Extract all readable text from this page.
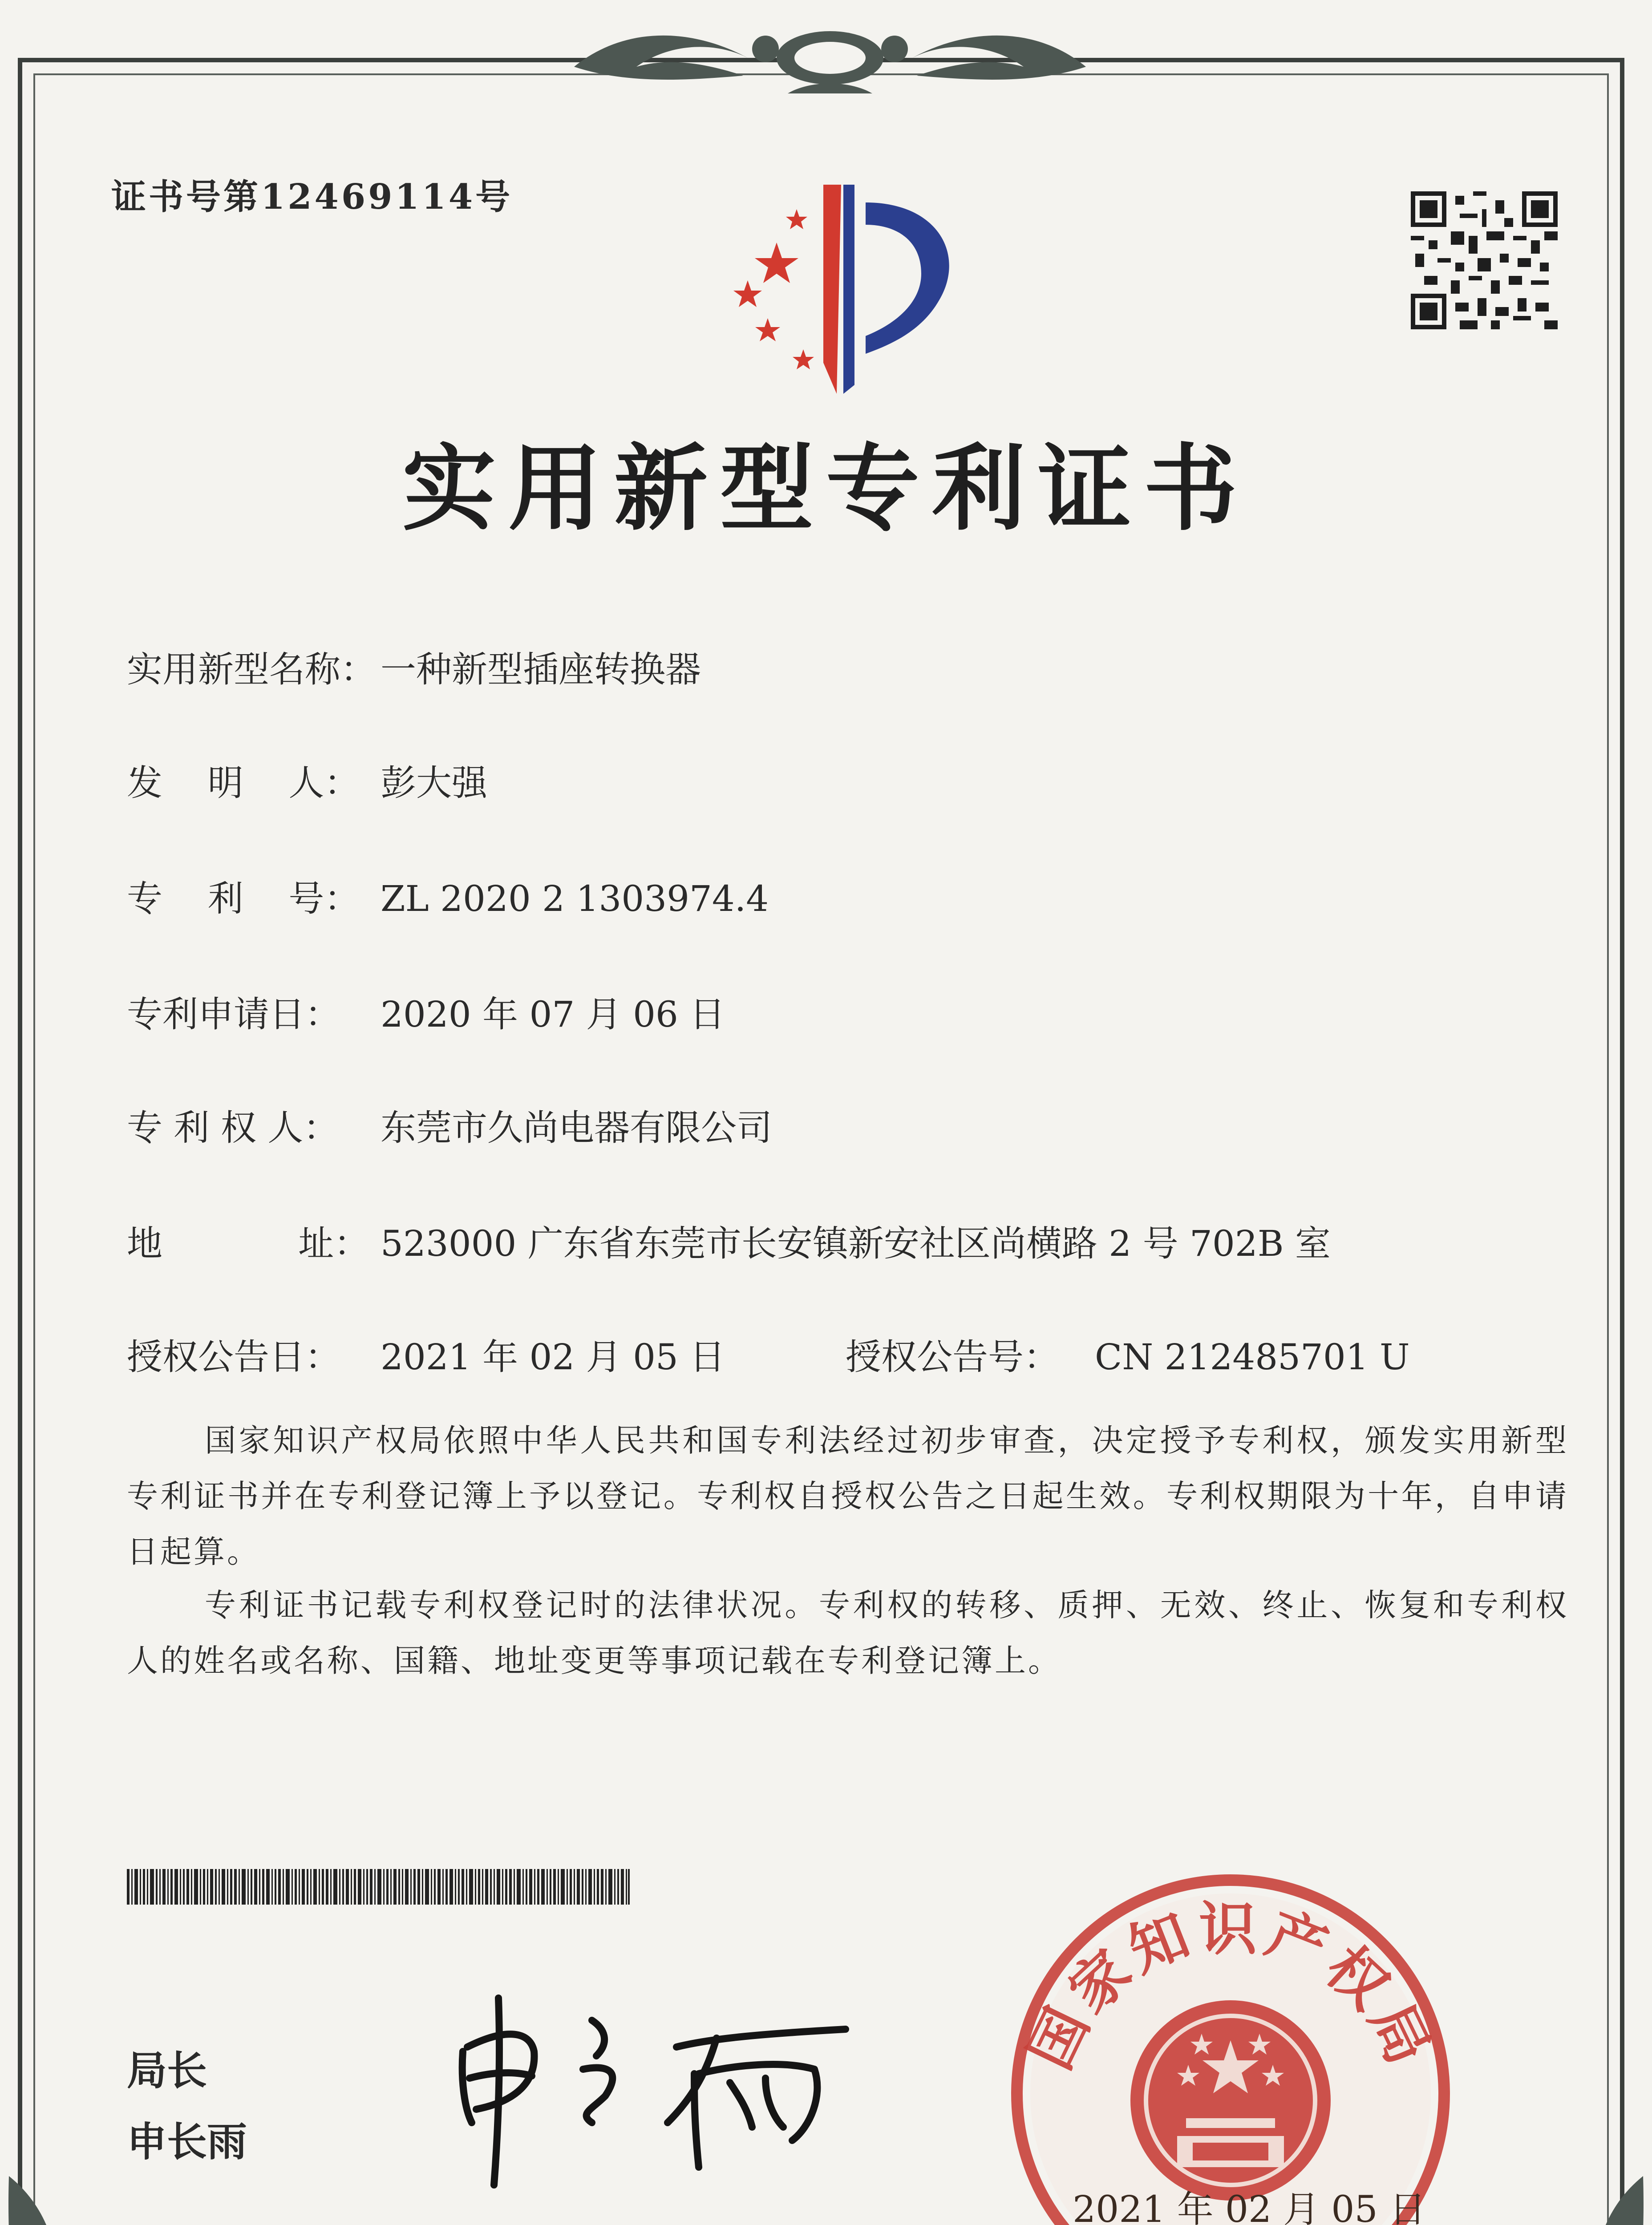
证书号第12469114号
实用新型专利证书
实用新型名称： 一种新型插座转换器
发    明    人： 彭大强
专    利    号： ZL 2020 2 1303974.4
专利申请日： 2020 年 07 月 06 日
专 利 权 人： 东莞市久尚电器有限公司
地            址： 523000 广东省东莞市长安镇新安社区尚横路 2 号 702B 室
授权公告日： 2021 年 02 月 05 日	授权公告号： CN 212485701 U
国家知识产权局依照中华人民共和国专利法经过初步审查，决定授予专利权，颁发实用新型专利证书并在专利登记簿上予以登记。专利权自授权公告之日起生效。专利权期限为十年，自申请日起算。
专利证书记载专利权登记时的法律状况。专利权的转移、质押、无效、终止、恢复和专利权人的姓名或名称、国籍、地址变更等事项记载在专利登记簿上。
局长
申长雨
国家知识产权局
2021 年 02 月 05 日
